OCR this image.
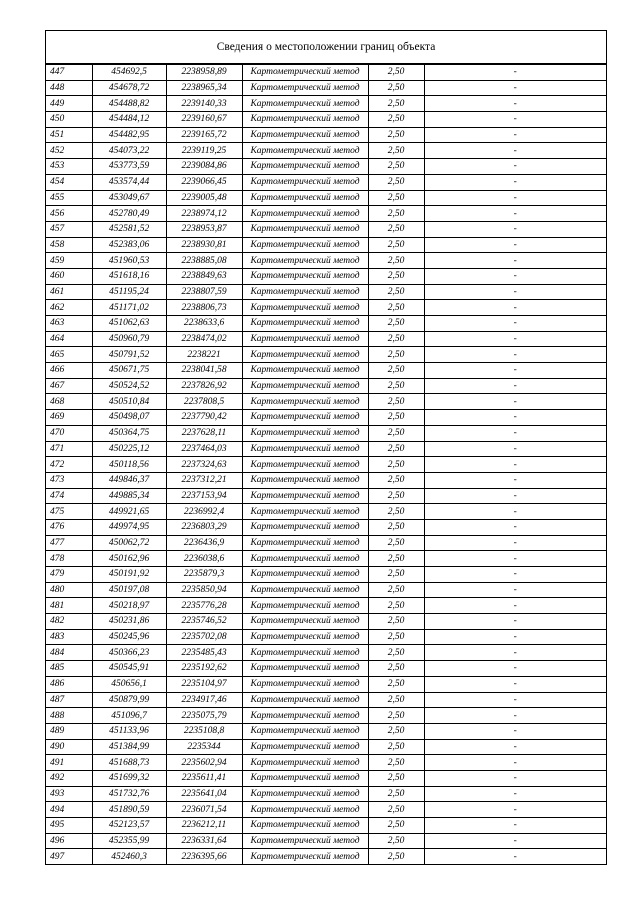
Сведения о местоположении границ объекта
447	454692,5	2238958,89	Картометрический метод	2,50	-
448	454678,72	2238965,34	Картометрический метод	2,50	-
449	454488,82	2239140,33	Картометрический метод	2,50	-
450	454484,12	2239160,67	Картометрический метод	2,50	-
451	454482,95	2239165,72	Картометрический метод	2,50	-
452	454073,22	2239119,25	Картометрический метод	2,50	-
453	453773,59	2239084,86	Картометрический метод	2,50	-
454	453574,44	2239066,45	Картометрический метод	2,50	-
455	453049,67	2239005,48	Картометрический метод	2,50	-
456	452780,49	2238974,12	Картометрический метод	2,50	-
457	452581,52	2238953,87	Картометрический метод	2,50	-
458	452383,06	2238930,81	Картометрический метод	2,50	-
459	451960,53	2238885,08	Картометрический метод	2,50	-
460	451618,16	2238849,63	Картометрический метод	2,50	-
461	451195,24	2238807,59	Картометрический метод	2,50	-
462	451171,02	2238806,73	Картометрический метод	2,50	-
463	451062,63	2238633,6	Картометрический метод	2,50	-
464	450960,79	2238474,02	Картометрический метод	2,50	-
465	450791,52	2238221	Картометрический метод	2,50	-
466	450671,75	2238041,58	Картометрический метод	2,50	-
467	450524,52	2237826,92	Картометрический метод	2,50	-
468	450510,84	2237808,5	Картометрический метод	2,50	-
469	450498,07	2237790,42	Картометрический метод	2,50	-
470	450364,75	2237628,11	Картометрический метод	2,50	-
471	450225,12	2237464,03	Картометрический метод	2,50	-
472	450118,56	2237324,63	Картометрический метод	2,50	-
473	449846,37	2237312,21	Картометрический метод	2,50	-
474	449885,34	2237153,94	Картометрический метод	2,50	-
475	449921,65	2236992,4	Картометрический метод	2,50	-
476	449974,95	2236803,29	Картометрический метод	2,50	-
477	450062,72	2236436,9	Картометрический метод	2,50	-
478	450162,96	2236038,6	Картометрический метод	2,50	-
479	450191,92	2235879,3	Картометрический метод	2,50	-
480	450197,08	2235850,94	Картометрический метод	2,50	-
481	450218,97	2235776,28	Картометрический метод	2,50	-
482	450231,86	2235746,52	Картометрический метод	2,50	-
483	450245,96	2235702,08	Картометрический метод	2,50	-
484	450366,23	2235485,43	Картометрический метод	2,50	-
485	450545,91	2235192,62	Картометрический метод	2,50	-
486	450656,1	2235104,97	Картометрический метод	2,50	-
487	450879,99	2234917,46	Картометрический метод	2,50	-
488	451096,7	2235075,79	Картометрический метод	2,50	-
489	451133,96	2235108,8	Картометрический метод	2,50	-
490	451384,99	2235344	Картометрический метод	2,50	-
491	451688,73	2235602,94	Картометрический метод	2,50	-
492	451699,32	2235611,41	Картометрический метод	2,50	-
493	451732,76	2235641,04	Картометрический метод	2,50	-
494	451890,59	2236071,54	Картометрический метод	2,50	-
495	452123,57	2236212,11	Картометрический метод	2,50	-
496	452355,99	2236331,64	Картометрический метод	2,50	-
497	452460,3	2236395,66	Картометрический метод	2,50	-
